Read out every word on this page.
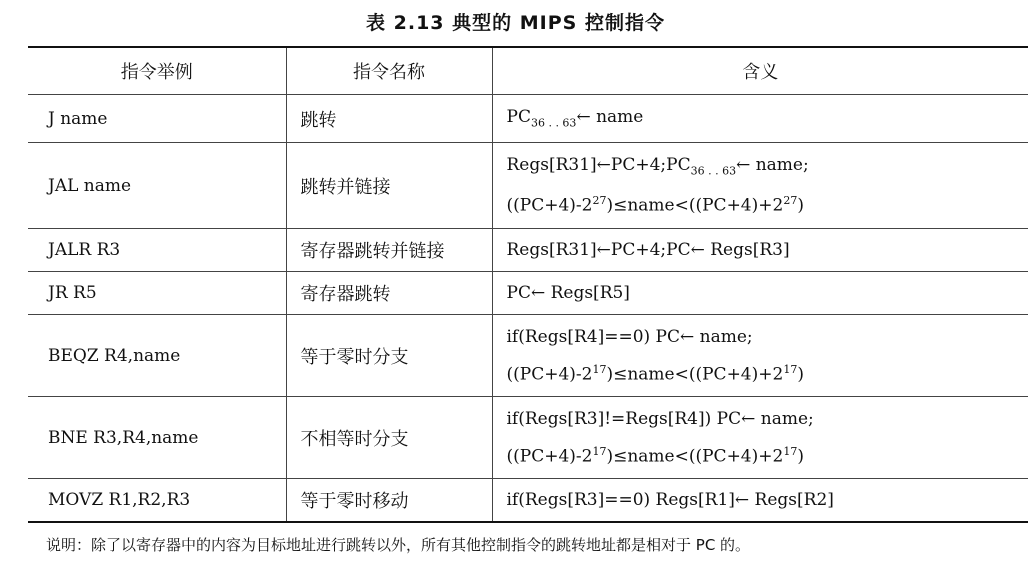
表 2.13 典型的 MIPS 控制指令
指令举例	指令名称	含义
J name	跳转	$PC_{36 . . 63}\leftarrow$ name

JAL name	跳转并链接	$Regs[R31]\leftarrow PC+4;PC_{36 . . 63}\leftarrow$ name;
$((PC+4)-2^{27})\le name<((PC+4)+2^{27})$

JALR R3	寄存器跳转并链接	Regs[R31]←PC+4;PC← Regs[R3]

JR R5	寄存器跳转	PC← Regs[R5]

BEQZ R4,name	等于零时分支	if(Regs[R4]==0) PC← name;
$((PC+4)-2^{17})\le name<((PC+4)+2^{17})$

BNE R3,R4,name	不相等时分支	if(Regs[R3]!=Regs[R4]) PC← name;
$((PC+4)-2^{17})\le name<((PC+4)+2^{17})$

MOVZ R1,R2,R3	等于零时移动	if(Regs[R3]==0) Regs[R1]← Regs[R2]
说明：除了以寄存器中的内容为目标地址进行跳转以外，所有其他控制指令的跳转地址都是相对于 PC 的。
